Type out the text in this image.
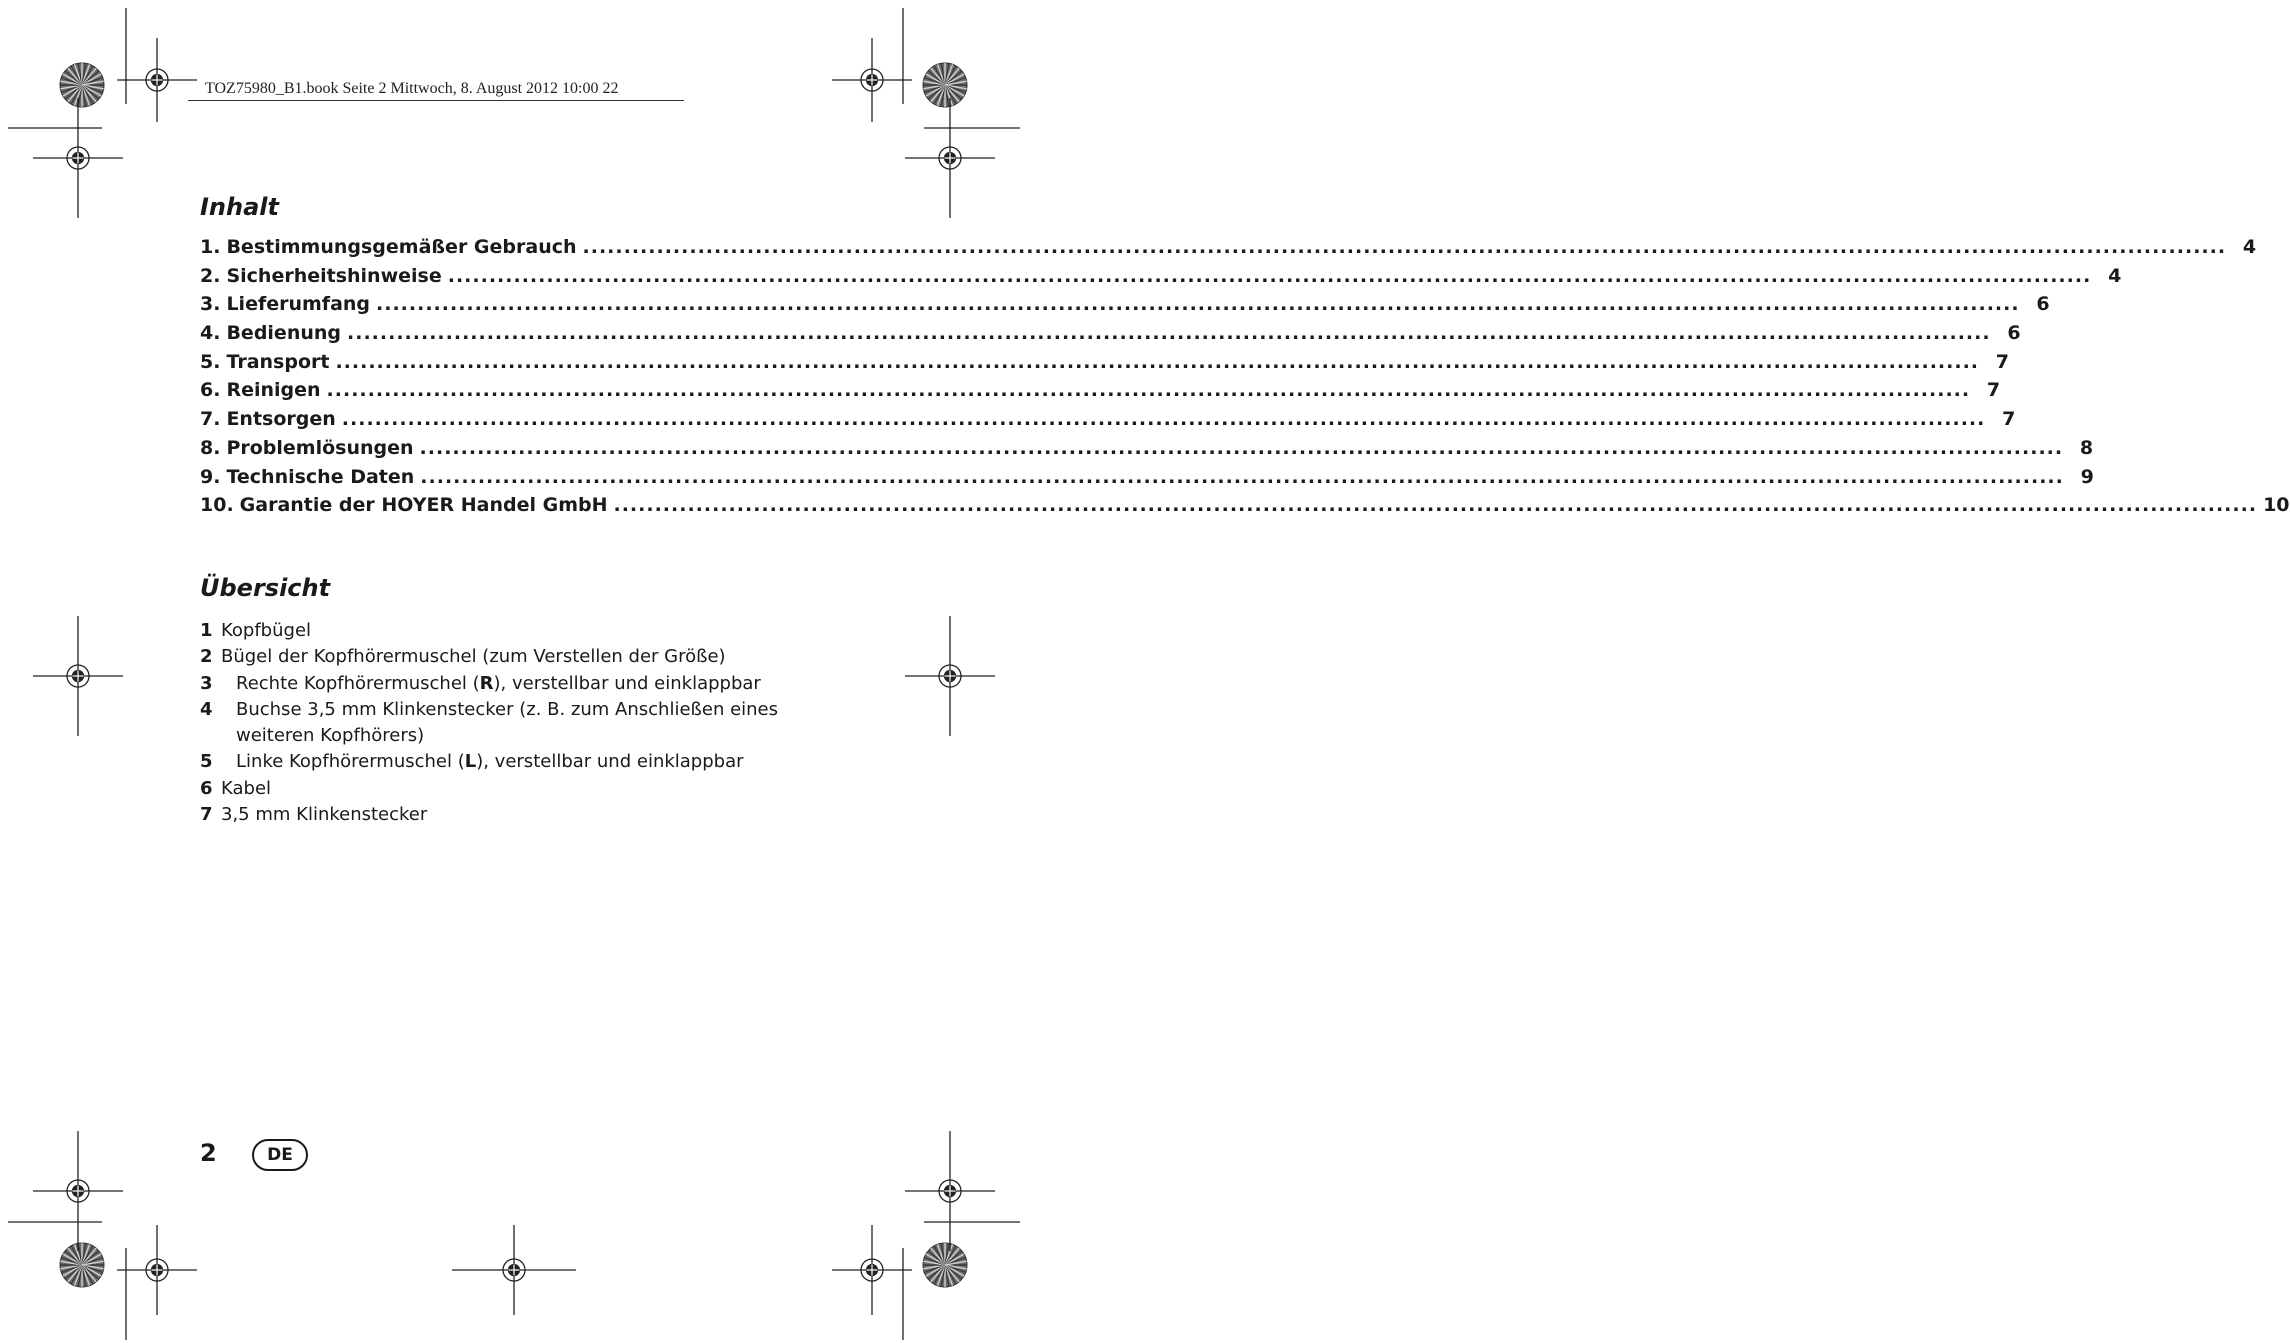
TOZ75980_B1.book Seite 2 Mittwoch, 8. August 2012 10:00 22

Inhalt
1. Bestimmungsgemäßer Gebrauch ........................................................................................................................................................................................................ 4
2. Sicherheitshinweise ........................................................................................................................................................................................................ 4
3. Lieferumfang ........................................................................................................................................................................................................ 6
4. Bedienung ........................................................................................................................................................................................................ 6
5. Transport ........................................................................................................................................................................................................ 7
6. Reinigen ........................................................................................................................................................................................................ 7
7. Entsorgen ........................................................................................................................................................................................................ 7
8. Problemlösungen ........................................................................................................................................................................................................ 8
9. Technische Daten ........................................................................................................................................................................................................ 9
10. Garantie der HOYER Handel GmbH ........................................................................................................................................................................................................ 10
Übersicht
1 Kopfbügel
2 Bügel der Kopfhörermuschel (zum Verstellen der Größe)
3	Rechte Kopfhörermuschel (R), verstellbar und einklappbar
4	Buchse 3,5 mm Klinkenstecker (z. B. zum Anschließen eines weiteren Kopfhörers)
5	Linke Kopfhörermuschel (L), verstellbar und einklappbar
6 Kabel
7 3,5 mm Klinkenstecker
2	DE
